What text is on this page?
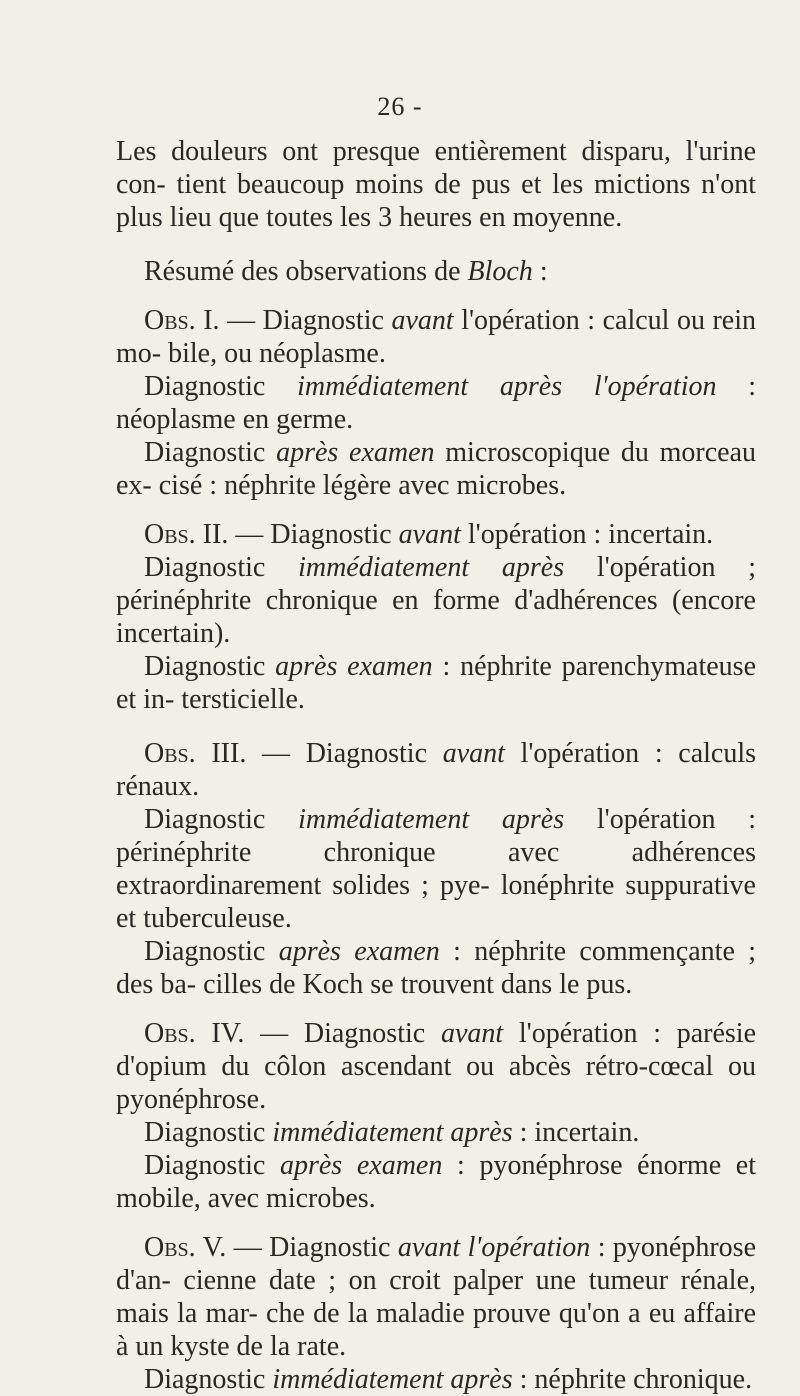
26 -

Les douleurs ont presque entièrement disparu, l'urine con- tient beaucoup moins de pus et les mictions n'ont plus lieu que toutes les 3 heures en moyenne.

Résumé des observations de Bloch :

Obs. I. — Diagnostic avant l'opération : calcul ou rein mo- bile, ou néoplasme.

Diagnostic immédiatement après l'opération : néoplasme en germe.

Diagnostic après examen microscopique du morceau ex- cisé : néphrite légère avec microbes.

Obs. II. — Diagnostic avant l'opération : incertain.

Diagnostic immédiatement après l'opération ; périnéphrite chronique en forme d'adhérences (encore incertain).

Diagnostic après examen : néphrite parenchymateuse et in- tersticielle.

Obs. III. — Diagnostic avant l'opération : calculs rénaux.

Diagnostic immédiatement après l'opération : périnéphrite chronique avec adhérences extraordinarement solides ; pye- lonéphrite suppurative et tuberculeuse.

Diagnostic après examen : néphrite commençante ; des ba- cilles de Koch se trouvent dans le pus.

Obs. IV. — Diagnostic avant l'opération : parésie d'opium du côlon ascendant ou abcès rétro-cœcal ou pyonéphrose.

Diagnostic immédiatement après : incertain.

Diagnostic après examen : pyonéphrose énorme et mobile, avec microbes.

Obs. V. — Diagnostic avant l'opération : pyonéphrose d'an- cienne date ; on croit palper une tumeur rénale, mais la mar- che de la maladie prouve qu'on a eu affaire à un kyste de la rate.

Diagnostic immédiatement après : néphrite chronique.
